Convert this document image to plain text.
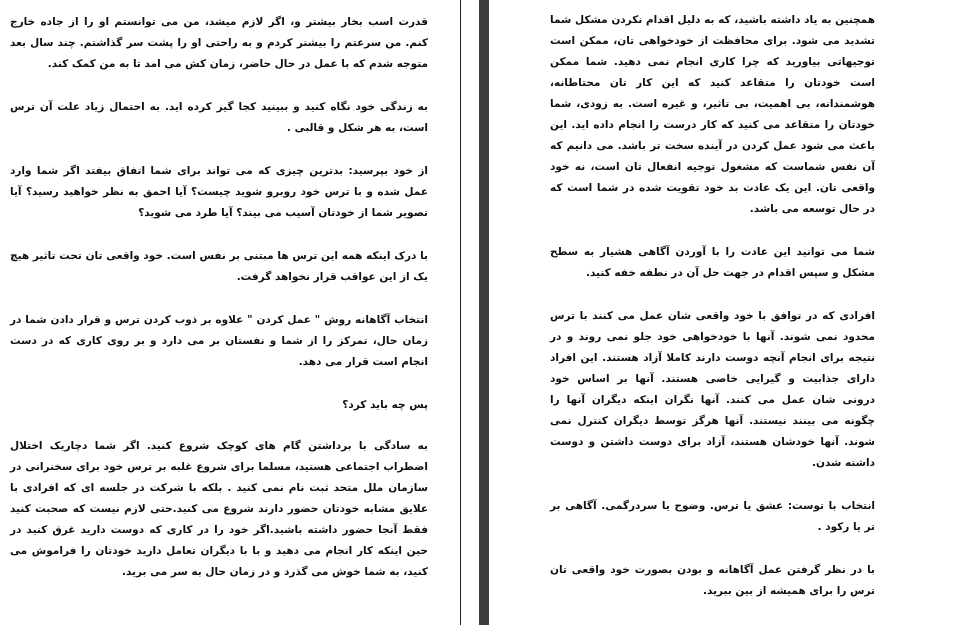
قدرت اسب بخار بیشتر و، اگر لازم میشد، من می توانستم او را از جاده خارج کنم. من سرعتم را بیشتر کردم و به راحتی او را پشت سر گذاشتم. چند سال بعد متوجه شدم که با عمل در حال حاضر، زمان کش می امد تا به من کمک کند.

به زندگی خود نگاه کنید و ببینید کجا گیر کرده اید. به احتمال زیاد علت آن ترس است، به هر شکل و قالبی .

از خود بپرسید: بدترین چیزی که می تواند برای شما اتفاق بیفتد اگر شما وارد عمل شده و با ترس خود روبرو شوید چیست؟ آیا احمق به نظر خواهید رسید؟ آیا تصویر شما از خودتان آسیب می بیند؟ آیا طرد می شوید؟

با درک اینکه همه این ترس ها مبتنی بر نفس است. خود واقعی تان تحت تاثیر هیچ یک از این عواقب قرار نخواهد گرفت.

انتخاب آگاهانه روش " عمل کردن " علاوه بر ذوب کردن ترس و قرار دادن شما در زمان حال، تمرکز را از شما و نفستان بر می دارد و بر روی کاری که در دست انجام است قرار می دهد.

پس چه باید کرد؟

به سادگی با برداشتن گام های کوچک شروع کنید. اگر شما دچاریک اختلال اضطراب اجتماعی هستید، مسلما برای شروع غلبه بر ترس خود برای سخنرانی در سازمان ملل متحد ثبت نام نمی کنید . بلکه با شرکت در جلسه ای که افرادی با علایق مشابه خودتان حضور دارند شروع می کنید.حتی لازم نیست که صحبت کنید فقط آنجا حضور داشته باشید.اگر خود را در کاری که دوست دارید غرق کنید در حین اینکه کار انجام می دهید و با با دیگران تعامل دارید خودتان را فراموش می کنید، به شما خوش می گذرد و در زمان حال به سر می برید.

همچنین به یاد داشته باشید، که به دلیل اقدام نکردن مشکل شما تشدید می شود. برای محافظت از خودخواهی تان، ممکن است توجیهاتی بیاورید که چرا کاری انجام نمی دهید. شما ممکن است خودتان را متقاعد کنید که این کار تان محتاطانه، هوشمندانه، بی اهمیت، بی تاثیر، و غیره است. به زودی، شما خودتان را متقاعد می کنید که کار درست را انجام داده اید. این باعث می شود عمل کردن در آینده سخت تر باشد. می دانیم که آن نفس شماست که مشغول توجیه انفعال تان است، نه خود واقعی تان. این یک عادت بد خود تقویت شده در شما است که در حال توسعه می باشد.

شما می توانید این عادت را با آوردن آگاهی هشیار به سطح مشکل و سپس اقدام در جهت حل آن در نطفه خفه کنید.

افرادی که در توافق با خود واقعی شان عمل می کنند با ترس محدود نمی شوند. آنها با خودخواهی خود جلو نمی روند و در نتیجه برای انجام آنچه دوست دارند کاملا آزاد هستند. این افراد دارای جذابیت و گیرایی خاصی هستند. آنها بر اساس خود درونی شان عمل می کنند. آنها نگران اینکه دیگران آنها را چگونه می بینند نیستند. آنها هرگز توسط دیگران کنترل نمی شوند. آنها خودشان هستند، آزاد برای دوست داشتن و دوست داشته شدن.

انتخاب با توست: عشق یا ترس. وضوح یا سردرگمی. آگاهی بر تر یا رکود .

با در نظر گرفتن عمل آگاهانه و بودن بصورت خود واقعی تان ترس را برای همیشه از بین ببرید.
